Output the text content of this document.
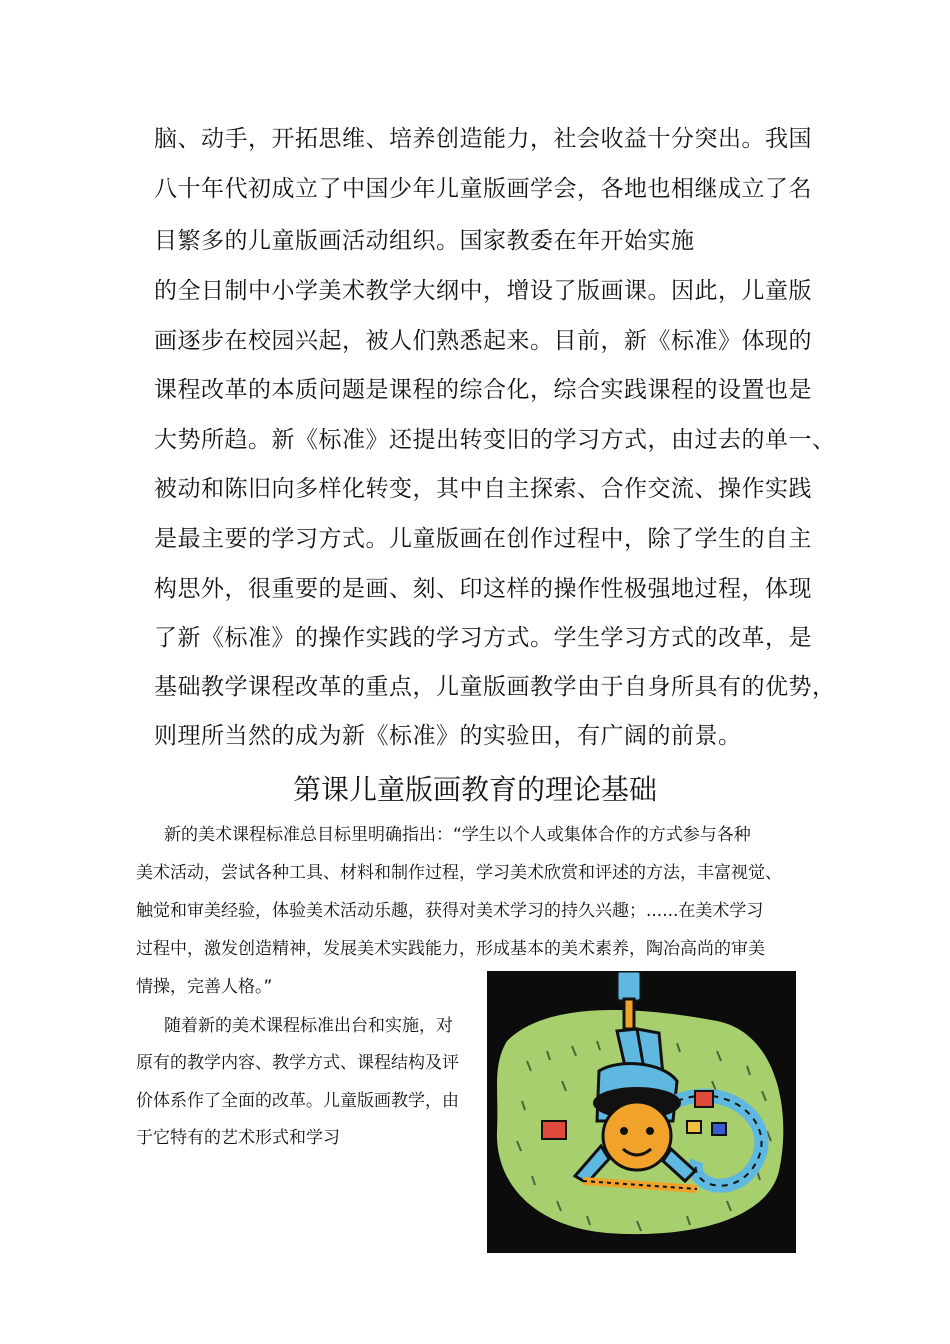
脑、动手，开拓思维、培养创造能力，社会收益十分突出。我国
八十年代初成立了中国少年儿童版画学会，各地也相继成立了名
目繁多的儿童版画活动组织。国家教委在年开始实施
的全日制中小学美术教学大纲中，增设了版画课。因此，儿童版
画逐步在校园兴起，被人们熟悉起来。目前，新《标准》体现的
课程改革的本质问题是课程的综合化，综合实践课程的设置也是
大势所趋。新《标准》还提出转变旧的学习方式，由过去的单一、
被动和陈旧向多样化转变，其中自主探索、合作交流、操作实践
是最主要的学习方式。儿童版画在创作过程中，除了学生的自主
构思外，很重要的是画、刻、印这样的操作性极强地过程，体现
了新《标准》的操作实践的学习方式。学生学习方式的改革，是
基础教学课程改革的重点，儿童版画教学由于自身所具有的优势，
则理所当然的成为新《标准》的实验田，有广阔的前景。
第课儿童版画教育的理论基础
新的美术课程标准总目标里明确指出：“学生以个人或集体合作的方式参与各种
美术活动，尝试各种工具、材料和制作过程，学习美术欣赏和评述的方法，丰富视觉、
触觉和审美经验，体验美术活动乐趣，获得对美术学习的持久兴趣；......在美术学习
过程中，激发创造精神，发展美术实践能力，形成基本的美术素养，陶冶高尚的审美
情操，完善人格。”
随着新的美术课程标准出台和实施，对
原有的教学内容、教学方式、课程结构及评
价体系作了全面的改革。儿童版画教学，由
于它特有的艺术形式和学习
